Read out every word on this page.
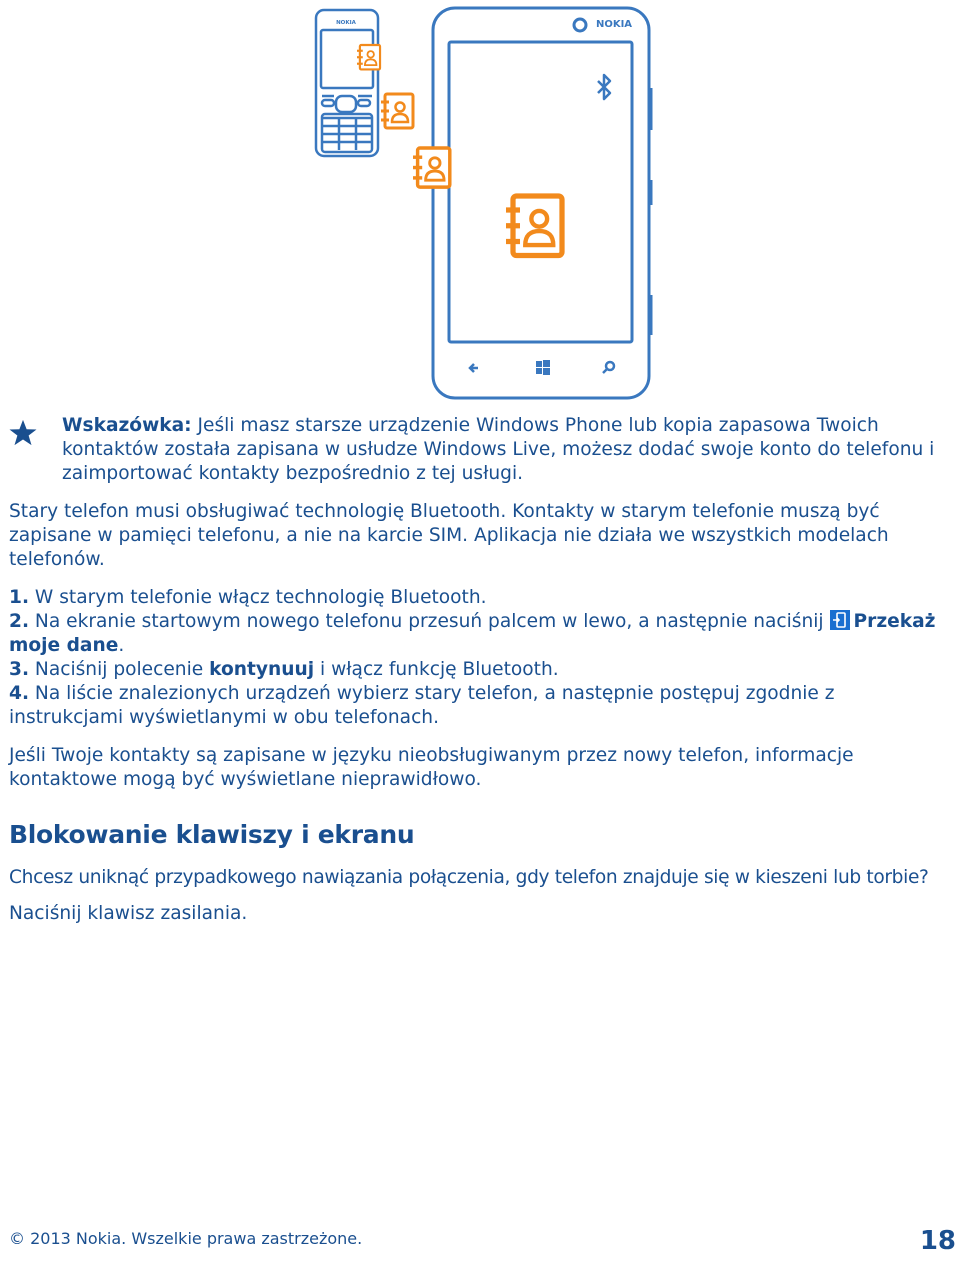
NOKIA	NOKIA

Wskazówka: Jeśli masz starsze urządzenie Windows Phone lub kopia zapasowa Twoich kontaktów została zapisana w usłudze Windows Live, możesz dodać swoje konto do telefonu i zaimportować kontakty bezpośrednio z tej usługi.

Stary telefon musi obsługiwać technologię Bluetooth. Kontakty w starym telefonie muszą być zapisane w pamięci telefonu, a nie na karcie SIM. Aplikacja nie działa we wszystkich modelach telefonów.

1. W starym telefonie włącz technologię Bluetooth.

2. Na ekranie startowym nowego telefonu przesuń palcem w lewo, a następnie naciśnij Przekaż moje dane.

3. Naciśnij polecenie kontynuuj i włącz funkcję Bluetooth.

4. Na liście znalezionych urządzeń wybierz stary telefon, a następnie postępuj zgodnie z instrukcjami wyświetlanymi w obu telefonach.

Jeśli Twoje kontakty są zapisane w języku nieobsługiwanym przez nowy telefon, informacje kontaktowe mogą być wyświetlane nieprawidłowo.

Blokowanie klawiszy i ekranu

Chcesz uniknąć przypadkowego nawiązania połączenia, gdy telefon znajduje się w kieszeni lub torbie?

Naciśnij klawisz zasilania.

© 2013 Nokia. Wszelkie prawa zastrzeżone.	18
